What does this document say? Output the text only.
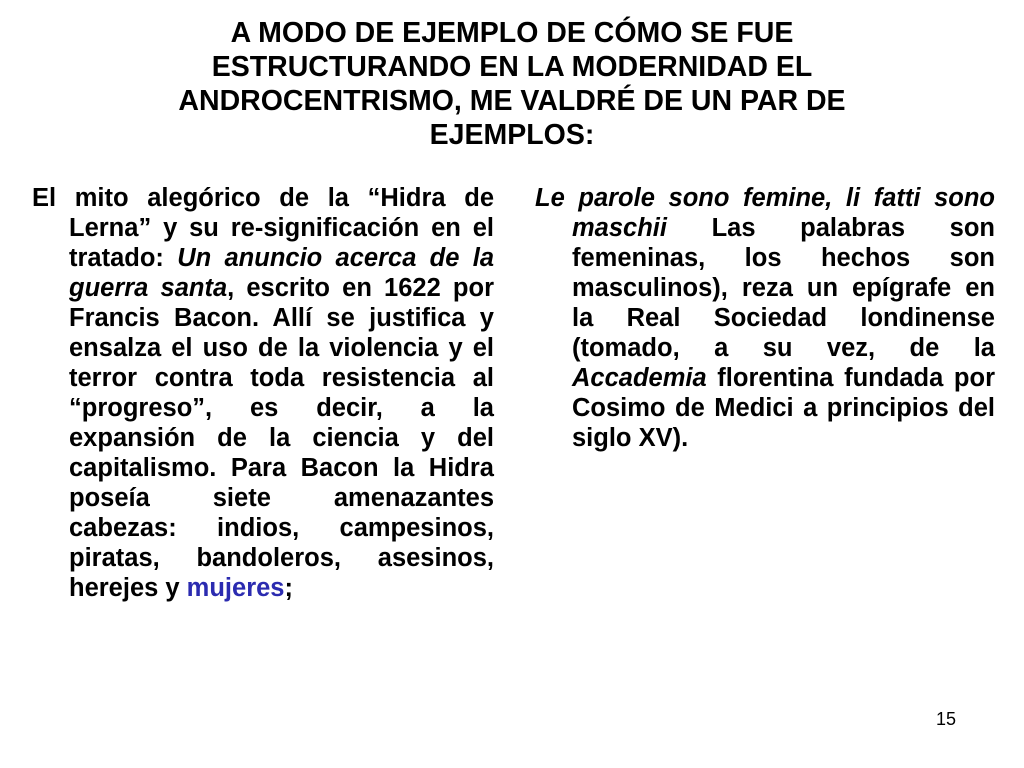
A MODO DE EJEMPLO DE CÓMO SE FUE ESTRUCTURANDO EN LA MODERNIDAD EL ANDROCENTRISMO, ME VALDRÉ DE UN PAR DE EJEMPLOS:

El mito alegórico de la “Hidra de Lerna” y su re-significación en el tratado: Un anuncio acerca de la guerra santa, escrito en 1622 por Francis Bacon. Allí se justifica y ensalza el uso de la violencia y el terror contra toda resistencia al “progreso”, es decir, a la expansión de la ciencia y del capitalismo. Para Bacon la Hidra poseía siete amenazantes cabezas: indios, campesinos, piratas, bandoleros, asesinos, herejes y mujeres;

Le parole sono femine, li fatti sono maschii Las palabras son femeninas, los hechos son masculinos), reza un epígrafe en la Real Sociedad londinense (tomado, a su vez, de la Accademia florentina fundada por Cosimo de Medici a principios del siglo XV).

15
